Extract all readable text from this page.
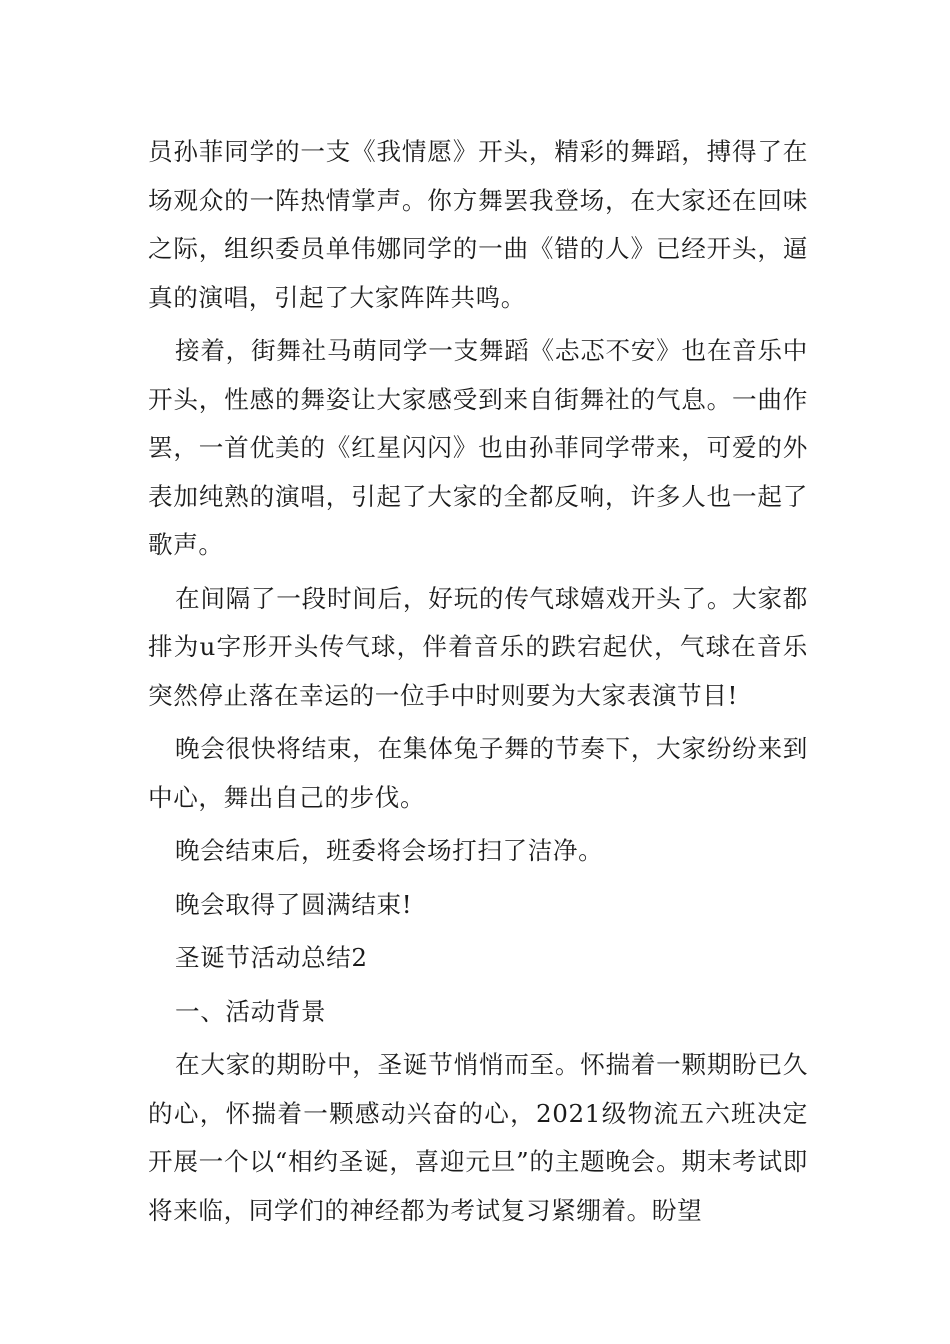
员孙菲同学的一支《我情愿》开头，精彩的舞蹈，搏得了在场观众的一阵热情掌声。你方舞罢我登场，在大家还在回味之际，组织委员单伟娜同学的一曲《错的人》已经开头，逼真的演唱，引起了大家阵阵共鸣。

接着，街舞社马萌同学一支舞蹈《忐忑不安》也在音乐中开头，性感的舞姿让大家感受到来自街舞社的气息。一曲作罢，一首优美的《红星闪闪》也由孙菲同学带来，可爱的外表加纯熟的演唱，引起了大家的全都反响，许多人也一起了歌声。

在间隔了一段时间后，好玩的传气球嬉戏开头了。大家都排为u字形开头传气球，伴着音乐的跌宕起伏，气球在音乐突然停止落在幸运的一位手中时则要为大家表演节目!

晚会很快将结束，在集体兔子舞的节奏下，大家纷纷来到中心，舞出自己的步伐。

晚会结束后，班委将会场打扫了洁净。

晚会取得了圆满结束!

圣诞节活动总结2

一、活动背景

在大家的期盼中，圣诞节悄悄而至。怀揣着一颗期盼已久的心，怀揣着一颗感动兴奋的心，2021级物流五六班决定开展一个以“相约圣诞，喜迎元旦”的主题晚会。期末考试即将来临，同学们的神经都为考试复习紧绷着。盼望
